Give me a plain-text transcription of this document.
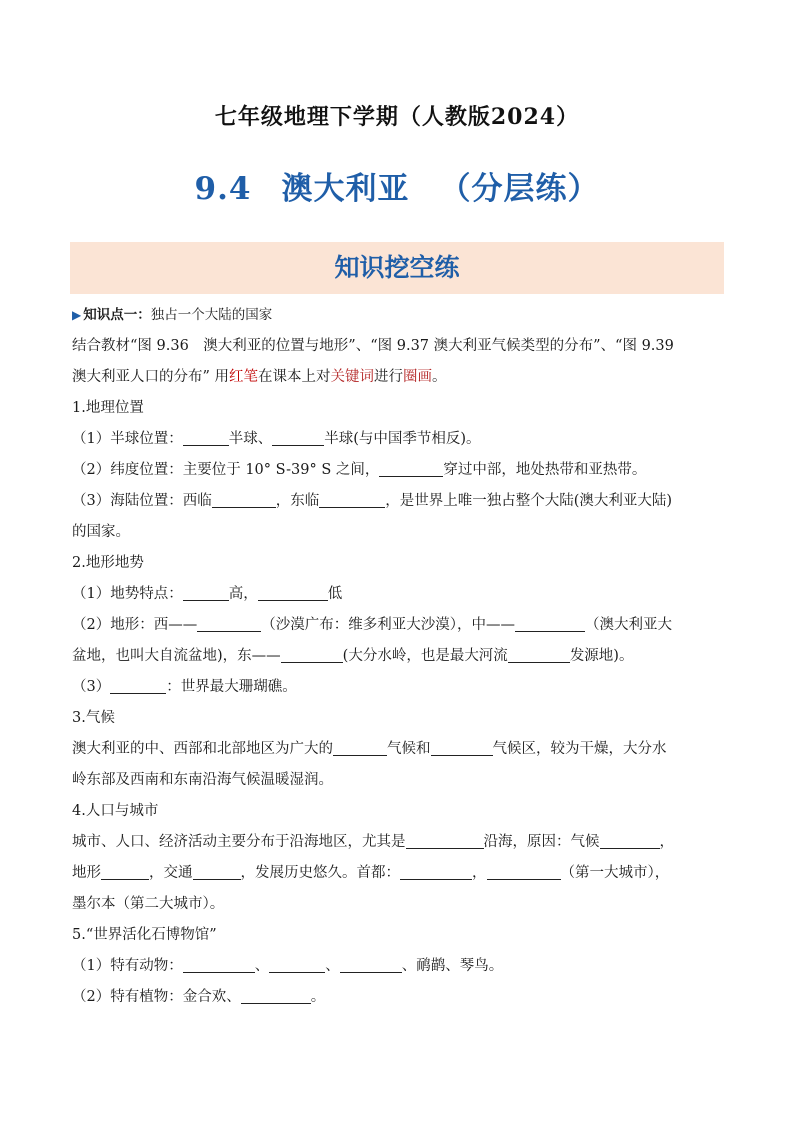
七年级地理下学期（人教版2024）
9.4 澳大利亚 （分层练）
知识挖空练
▶ 知识点一：独占一个大陆的国家
结合教材“图 9.36　澳大利亚的位置与地形”、“图 9.37 澳大利亚气候类型的分布”、“图 9.39
澳大利亚人口的分布” 用红笔在课本上对关键词进行圈画。
1.地理位置
（1）半球位置：	半球、	半球(与中国季节相反)。
（2）纬度位置：主要位于 10° S-39° S 之间，	穿过中部，地处热带和亚热带。
（3）海陆位置：西临	，东临	，是世界上唯一独占整个大陆(澳大利亚大陆)
的国家。
2.地形地势
（1）地势特点：	高，	低
（2）地形：西——	（沙漠广布：维多利亚大沙漠），中——	（澳大利亚大
盆地，也叫大自流盆地)，东——	(大分水岭，也是最大河流	发源地)。
（3）	：世界最大珊瑚礁。
3.气候
澳大利亚的中、西部和北部地区为广大的	气候和	气候区，较为干燥，大分水
岭东部及西南和东南沿海气候温暖湿润。
4.人口与城市
城市、人口、经济活动主要分布于沿海地区，尤其是	沿海，原因：气候	，
地形	，交通	，发展历史悠久。首都：	，	（第一大城市），
墨尔本（第二大城市）。
5.“世界活化石博物馆”
（1）特有动物：	、	、	、鸸鹋、琴鸟。
（2）特有植物：金合欢、	。
